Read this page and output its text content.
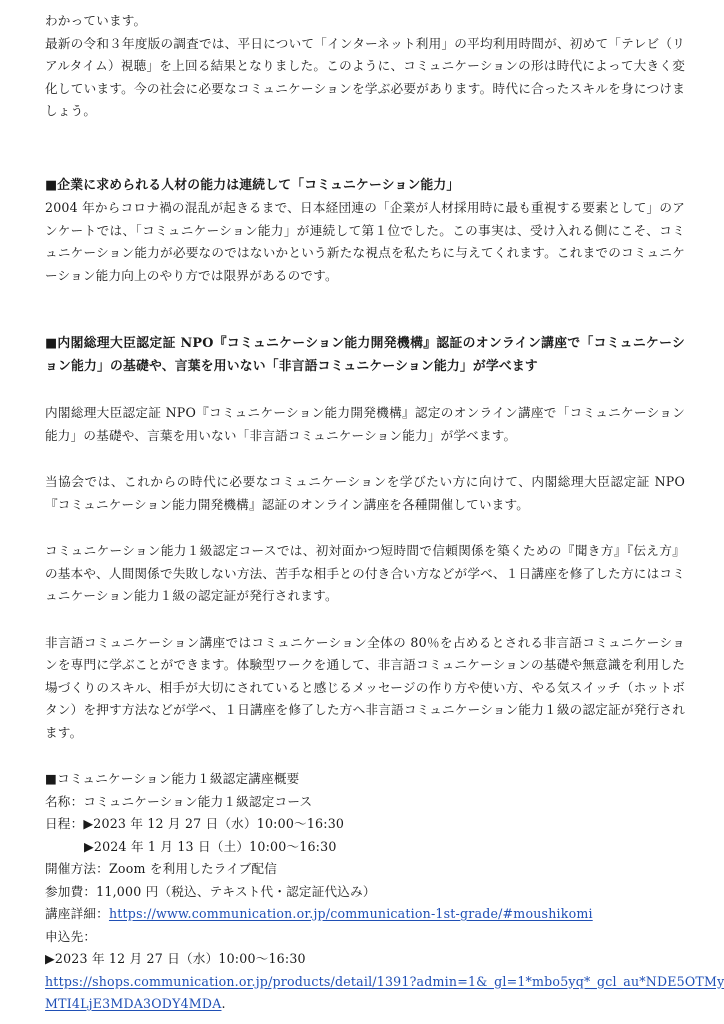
わかっています。

最新の令和３年度版の調査では、平日について「インターネット利用」の平均利用時間が、初めて「テレビ（リアルタイム）視聴」を上回る結果となりました。このように、コミュニケーションの形は時代によって大きく変化しています。今の社会に必要なコミュニケーションを学ぶ必要があります。時代に合ったスキルを身につけましょう。

■企業に求められる人材の能力は連続して「コミュニケーション能力」

2004 年からコロナ禍の混乱が起きるまで、日本経団連の「企業が人材採用時に最も重視する要素として」のアンケートでは、「コミュニケーション能力」が連続して第１位でした。この事実は、受け入れる側にこそ、コミュニケーション能力が必要なのではないかという新たな視点を私たちに与えてくれます。これまでのコミュニケーション能力向上のやり方では限界があるのです。

■内閣総理大臣認定証 NPO『コミュニケーション能力開発機構』認証のオンライン講座で「コミュニケーション能力」の基礎や、言葉を用いない「非言語コミュニケーション能力」が学べます

内閣総理大臣認定証 NPO『コミュニケーション能力開発機構』認定のオンライン講座で「コミュニケーション能力」の基礎や、言葉を用いない「非言語コミュニケーション能力」が学べます。

当協会では、これからの時代に必要なコミュニケーションを学びたい方に向けて、内閣総理大臣認定証 NPO『コミュニケーション能力開発機構』認証のオンライン講座を各種開催しています。

コミュニケーション能力１級認定コースでは、初対面かつ短時間で信頼関係を築くための『聞き方』『伝え方』の基本や、人間関係で失敗しない方法、苦手な相手との付き合い方などが学べ、１日講座を修了した方にはコミュニケーション能力１級の認定証が発行されます。

非言語コミュニケーション講座ではコミュニケーション全体の 80％を占めるとされる非言語コミュニケーションを専門に学ぶことができます。体験型ワークを通して、非言語コミュニケーションの基礎や無意識を利用した場づくりのスキル、相手が大切にされていると感じるメッセージの作り方や使い方、やる気スイッチ（ホットボタン）を押す方法などが学べ、１日講座を修了した方へ非言語コミュニケーション能力１級の認定証が発行されます。

■コミュニケーション能力１級認定講座概要
名称：コミュニケーション能力１級認定コース
日程：▶2023 年 12 月 27 日（水）10:00～16:30
▶2024 年 1 月 13 日（土）10:00～16:30
開催方法：Zoom を利用したライブ配信
参加費：11,000 円（税込、テキスト代・認定証代込み）
講座詳細：https://www.communication.or.jp/communication-1st-grade/#moushikomi
申込先：
▶2023 年 12 月 27 日（水）10:00～16:30
https://shops.communication.or.jp/products/detail/1391?admin=1&_gl=1*mbo5yq*_gcl_au*NDE5OTMy
MTI4LjE3MDA3ODY4MDA.
